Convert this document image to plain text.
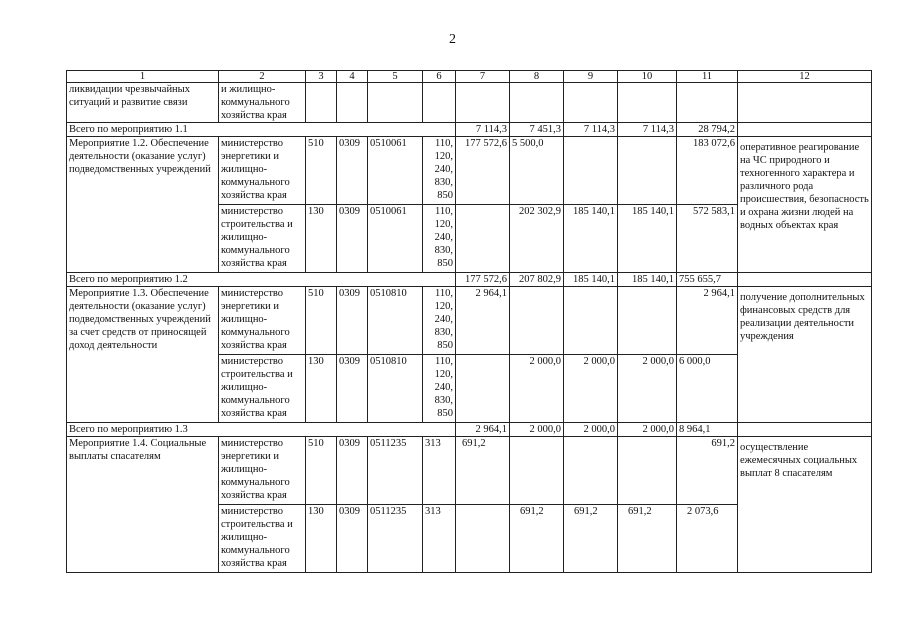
2
1	2	3	4	5	6	7	8	9	10	11	12
ликвидации чрезвычайных ситуаций и развитие связи	и жилищно-коммунального хозяйства края										
Всего по мероприятию 1.1						7 114,3	7 451,3	7 114,3	7 114,3	28 794,2	
Мероприятие 1.2. Обеспечение деятельности (оказание услуг) подведомственных учреждений	министерство энергетики и жилищно-коммунального хозяйства края	510	0309	0510061	110, 120, 240, 830, 850	177 572,6	5 500,0			183 072,6	оперативное реагирование на ЧС природного и техногенного характера и различного рода происшествия, безопасность и охрана жизни людей на водных объектах края
	министерство строительства и жилищно-коммунального хозяйства края	130	0309	0510061	110, 120, 240, 830, 850		202 302,9	185 140,1	185 140,1	572 583,1	
Всего по мероприятию 1.2						177 572,6	207 802,9	185 140,1	185 140,1	755 655,7	
Мероприятие 1.3. Обеспечение деятельности (оказание услуг) подведомственных учреждений за счет средств от приносящей доход деятельности	министерство энергетики и жилищно-коммунального хозяйства края	510	0309	0510810	110, 120, 240, 830, 850	2 964,1				2 964,1	получение дополнительных финансовых средств для реализации деятельности учреждения
	министерство строительства и жилищно-коммунального хозяйства края	130	0309	0510810	110, 120, 240, 830, 850		2 000,0	2 000,0	2 000,0	6 000,0	
Всего по мероприятию 1.3						2 964,1	2 000,0	2 000,0	2 000,0	8 964,1	
Мероприятие 1.4. Социальные выплаты спасателям	министерство энергетики и жилищно-коммунального хозяйства края	510	0309	0511235	313	691,2				691,2	осуществление ежемесячных социальных выплат 8 спасателям
	министерство строительства и жилищно-коммунального хозяйства края	130	0309	0511235	313		691,2	691,2	691,2	2 073,6	
